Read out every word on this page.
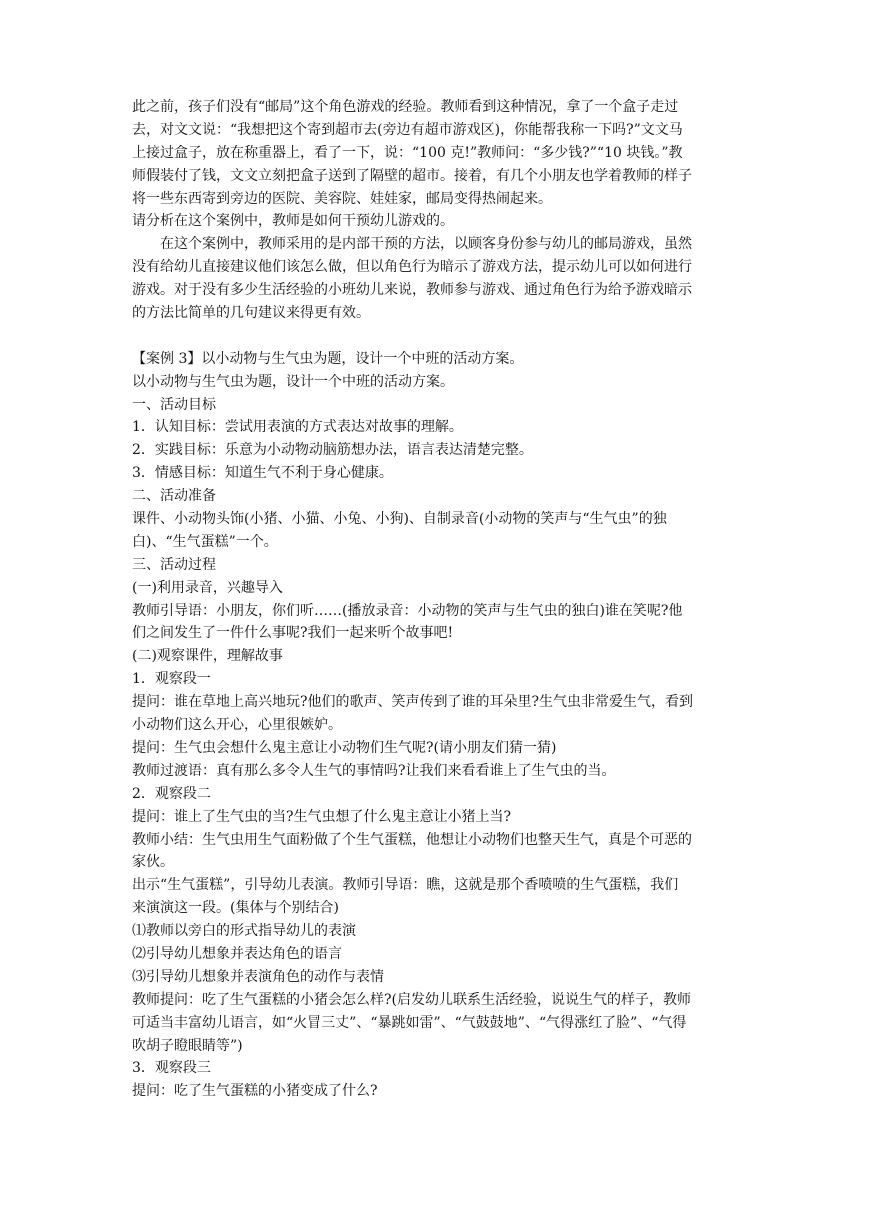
此之前，孩子们没有“邮局”这个角色游戏的经验。教师看到这种情况，拿了一个盒子走过
去，对文文说：“我想把这个寄到超市去(旁边有超市游戏区)，你能帮我称一下吗?”文文马
上接过盒子，放在称重器上，看了一下，说：“100 克!”教师问：“多少钱?”“10 块钱。”教
师假装付了钱，文文立刻把盒子送到了隔壁的超市。接着，有几个小朋友也学着教师的样子
将一些东西寄到旁边的医院、美容院、娃娃家，邮局变得热闹起来。
请分析在这个案例中，教师是如何干预幼儿游戏的。
在这个案例中，教师采用的是内部干预的方法，以顾客身份参与幼儿的邮局游戏，虽然
没有给幼儿直接建议他们该怎么做，但以角色行为暗示了游戏方法，提示幼儿可以如何进行
游戏。对于没有多少生活经验的小班幼儿来说，教师参与游戏、通过角色行为给予游戏暗示
的方法比简单的几句建议来得更有效。
【案例 3】以小动物与生气虫为题，设计一个中班的活动方案。
以小动物与生气虫为题，设计一个中班的活动方案。
一、活动目标
1．认知目标：尝试用表演的方式表达对故事的理解。
2．实践目标：乐意为小动物动脑筋想办法，语言表达清楚完整。
3．情感目标：知道生气不利于身心健康。
二、活动准备
课件、小动物头饰(小猪、小猫、小兔、小狗)、自制录音(小动物的笑声与“生气虫”的独
白)、“生气蛋糕”一个。
三、活动过程
(一)利用录音，兴趣导入
教师引导语：小朋友，你们听……(播放录音：小动物的笑声与生气虫的独白)谁在笑呢?他
们之间发生了一件什么事呢?我们一起来听个故事吧!
(二)观察课件，理解故事
1．观察段一
提问：谁在草地上高兴地玩?他们的歌声、笑声传到了谁的耳朵里?生气虫非常爱生气，看到
小动物们这么开心，心里很嫉妒。
提问：生气虫会想什么鬼主意让小动物们生气呢?(请小朋友们猜一猜)
教师过渡语：真有那么多令人生气的事情吗?让我们来看看谁上了生气虫的当。
2．观察段二
提问：谁上了生气虫的当?生气虫想了什么鬼主意让小猪上当?
教师小结：生气虫用生气面粉做了个生气蛋糕，他想让小动物们也整天生气，真是个可恶的
家伙。
出示“生气蛋糕”，引导幼儿表演。教师引导语：瞧，这就是那个香喷喷的生气蛋糕，我们
来演演这一段。(集体与个别结合)
⑴教师以旁白的形式指导幼儿的表演
⑵引导幼儿想象并表达角色的语言
⑶引导幼儿想象并表演角色的动作与表情
教师提问：吃了生气蛋糕的小猪会怎么样?(启发幼儿联系生活经验，说说生气的样子，教师
可适当丰富幼儿语言，如“火冒三丈”、“暴跳如雷”、“气鼓鼓地”、“气得涨红了脸”、“气得
吹胡子瞪眼睛等”)
3．观察段三
提问：吃了生气蛋糕的小猪变成了什么?
